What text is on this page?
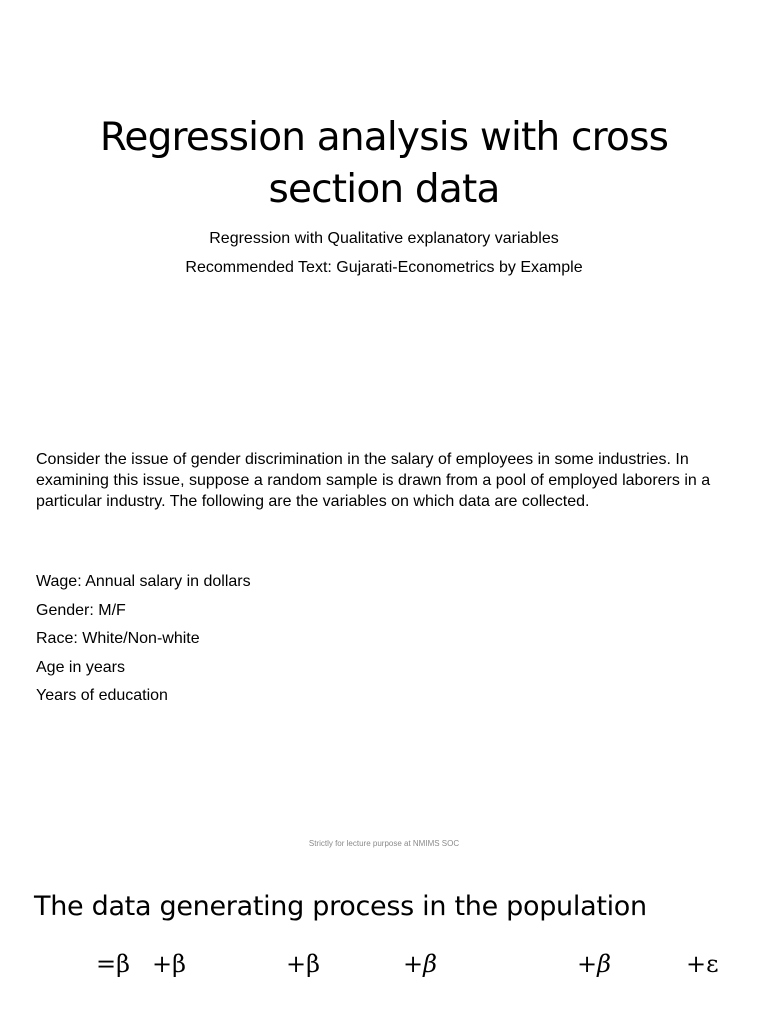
Regression analysis with cross
section data

Regression with Qualitative explanatory variables

Recommended Text: Gujarati-Econometrics by Example

Consider the issue of gender discrimination in the salary of employees in some industries. In examining this issue, suppose a random sample is drawn from a pool of employed laborers in a particular industry. The following are the variables on which data are collected.

Wage: Annual salary in dollars
Gender: M/F
Race: White/Non-white
Age in years
Years of education
Strictly for lecture purpose at NMIMS SOC
The data generating process in the population
=β +β	+β	+β	+β	+ε
